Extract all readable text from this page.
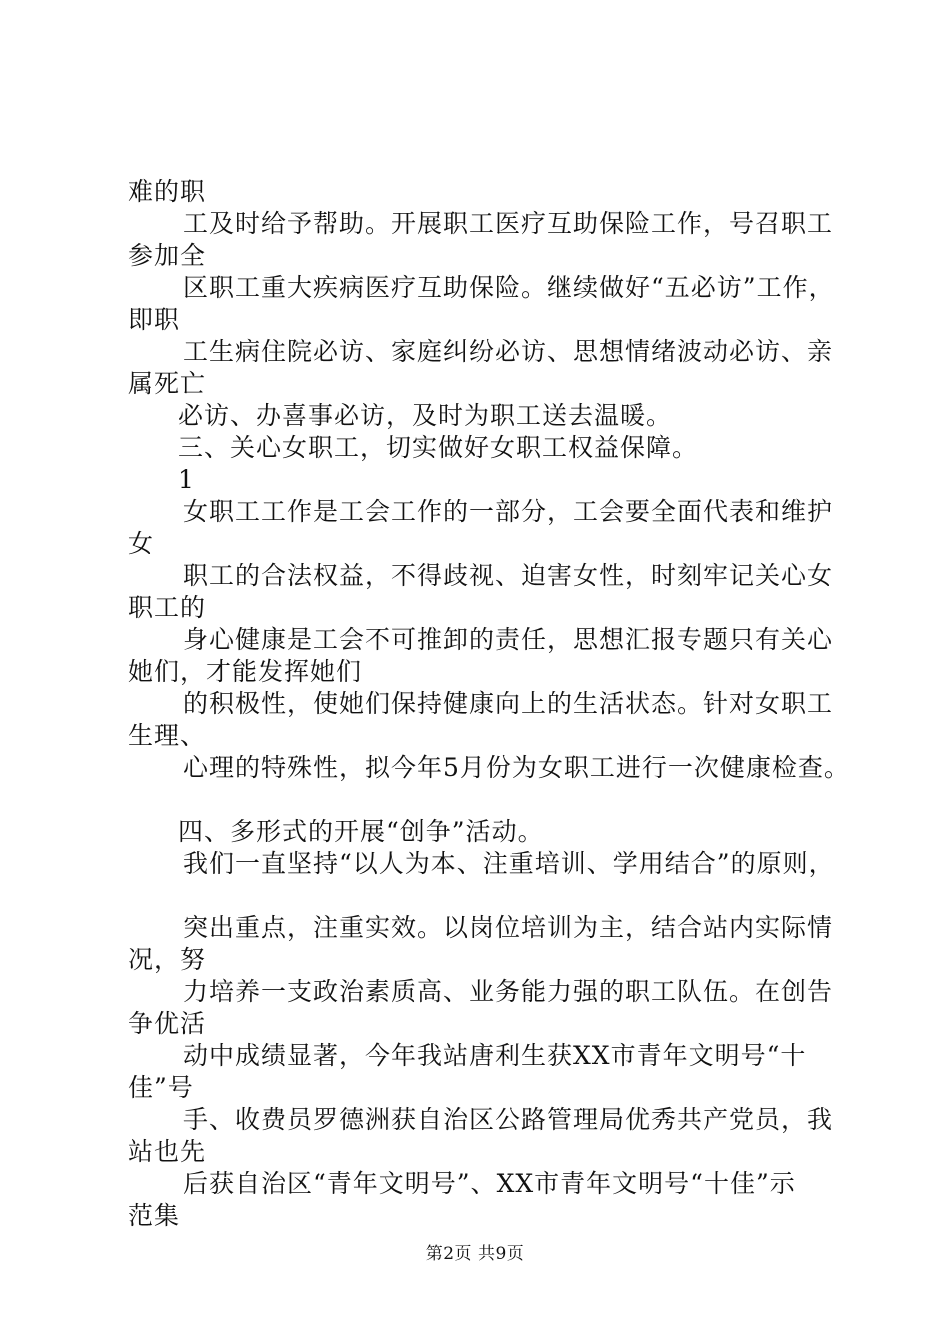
难的职
工及时给予帮助。开展职工医疗互助保险工作，号召职工
参加全
区职工重大疾病医疗互助保险。继续做好“五必访”工作，
即职
工生病住院必访、家庭纠纷必访、思想情绪波动必访、亲
属死亡
必访、办喜事必访，及时为职工送去温暖。
三、关心女职工，切实做好女职工权益保障。
1
女职工工作是工会工作的一部分，工会要全面代表和维护
女
职工的合法权益，不得歧视、迫害女性，时刻牢记关心女
职工的
身心健康是工会不可推卸的责任，思想汇报专题只有关心
她们，才能发挥她们
的积极性，使她们保持健康向上的生活状态。针对女职工
生理、
心理的特殊性，拟今年5月份为女职工进行一次健康检查。
四、多形式的开展“创争”活动。
我们一直坚持“以人为本、注重培训、学用结合”的原则，
突出重点，注重实效。以岗位培训为主，结合站内实际情
况，努
力培养一支政治素质高、业务能力强的职工队伍。在创告
争优活
动中成绩显著，今年我站唐利生获XX市青年文明号“十
佳”号
手、收费员罗德洲获自治区公路管理局优秀共产党员，我
站也先
后获自治区“青年文明号”、XX市青年文明号“十佳”示
范集
第2页 共9页
